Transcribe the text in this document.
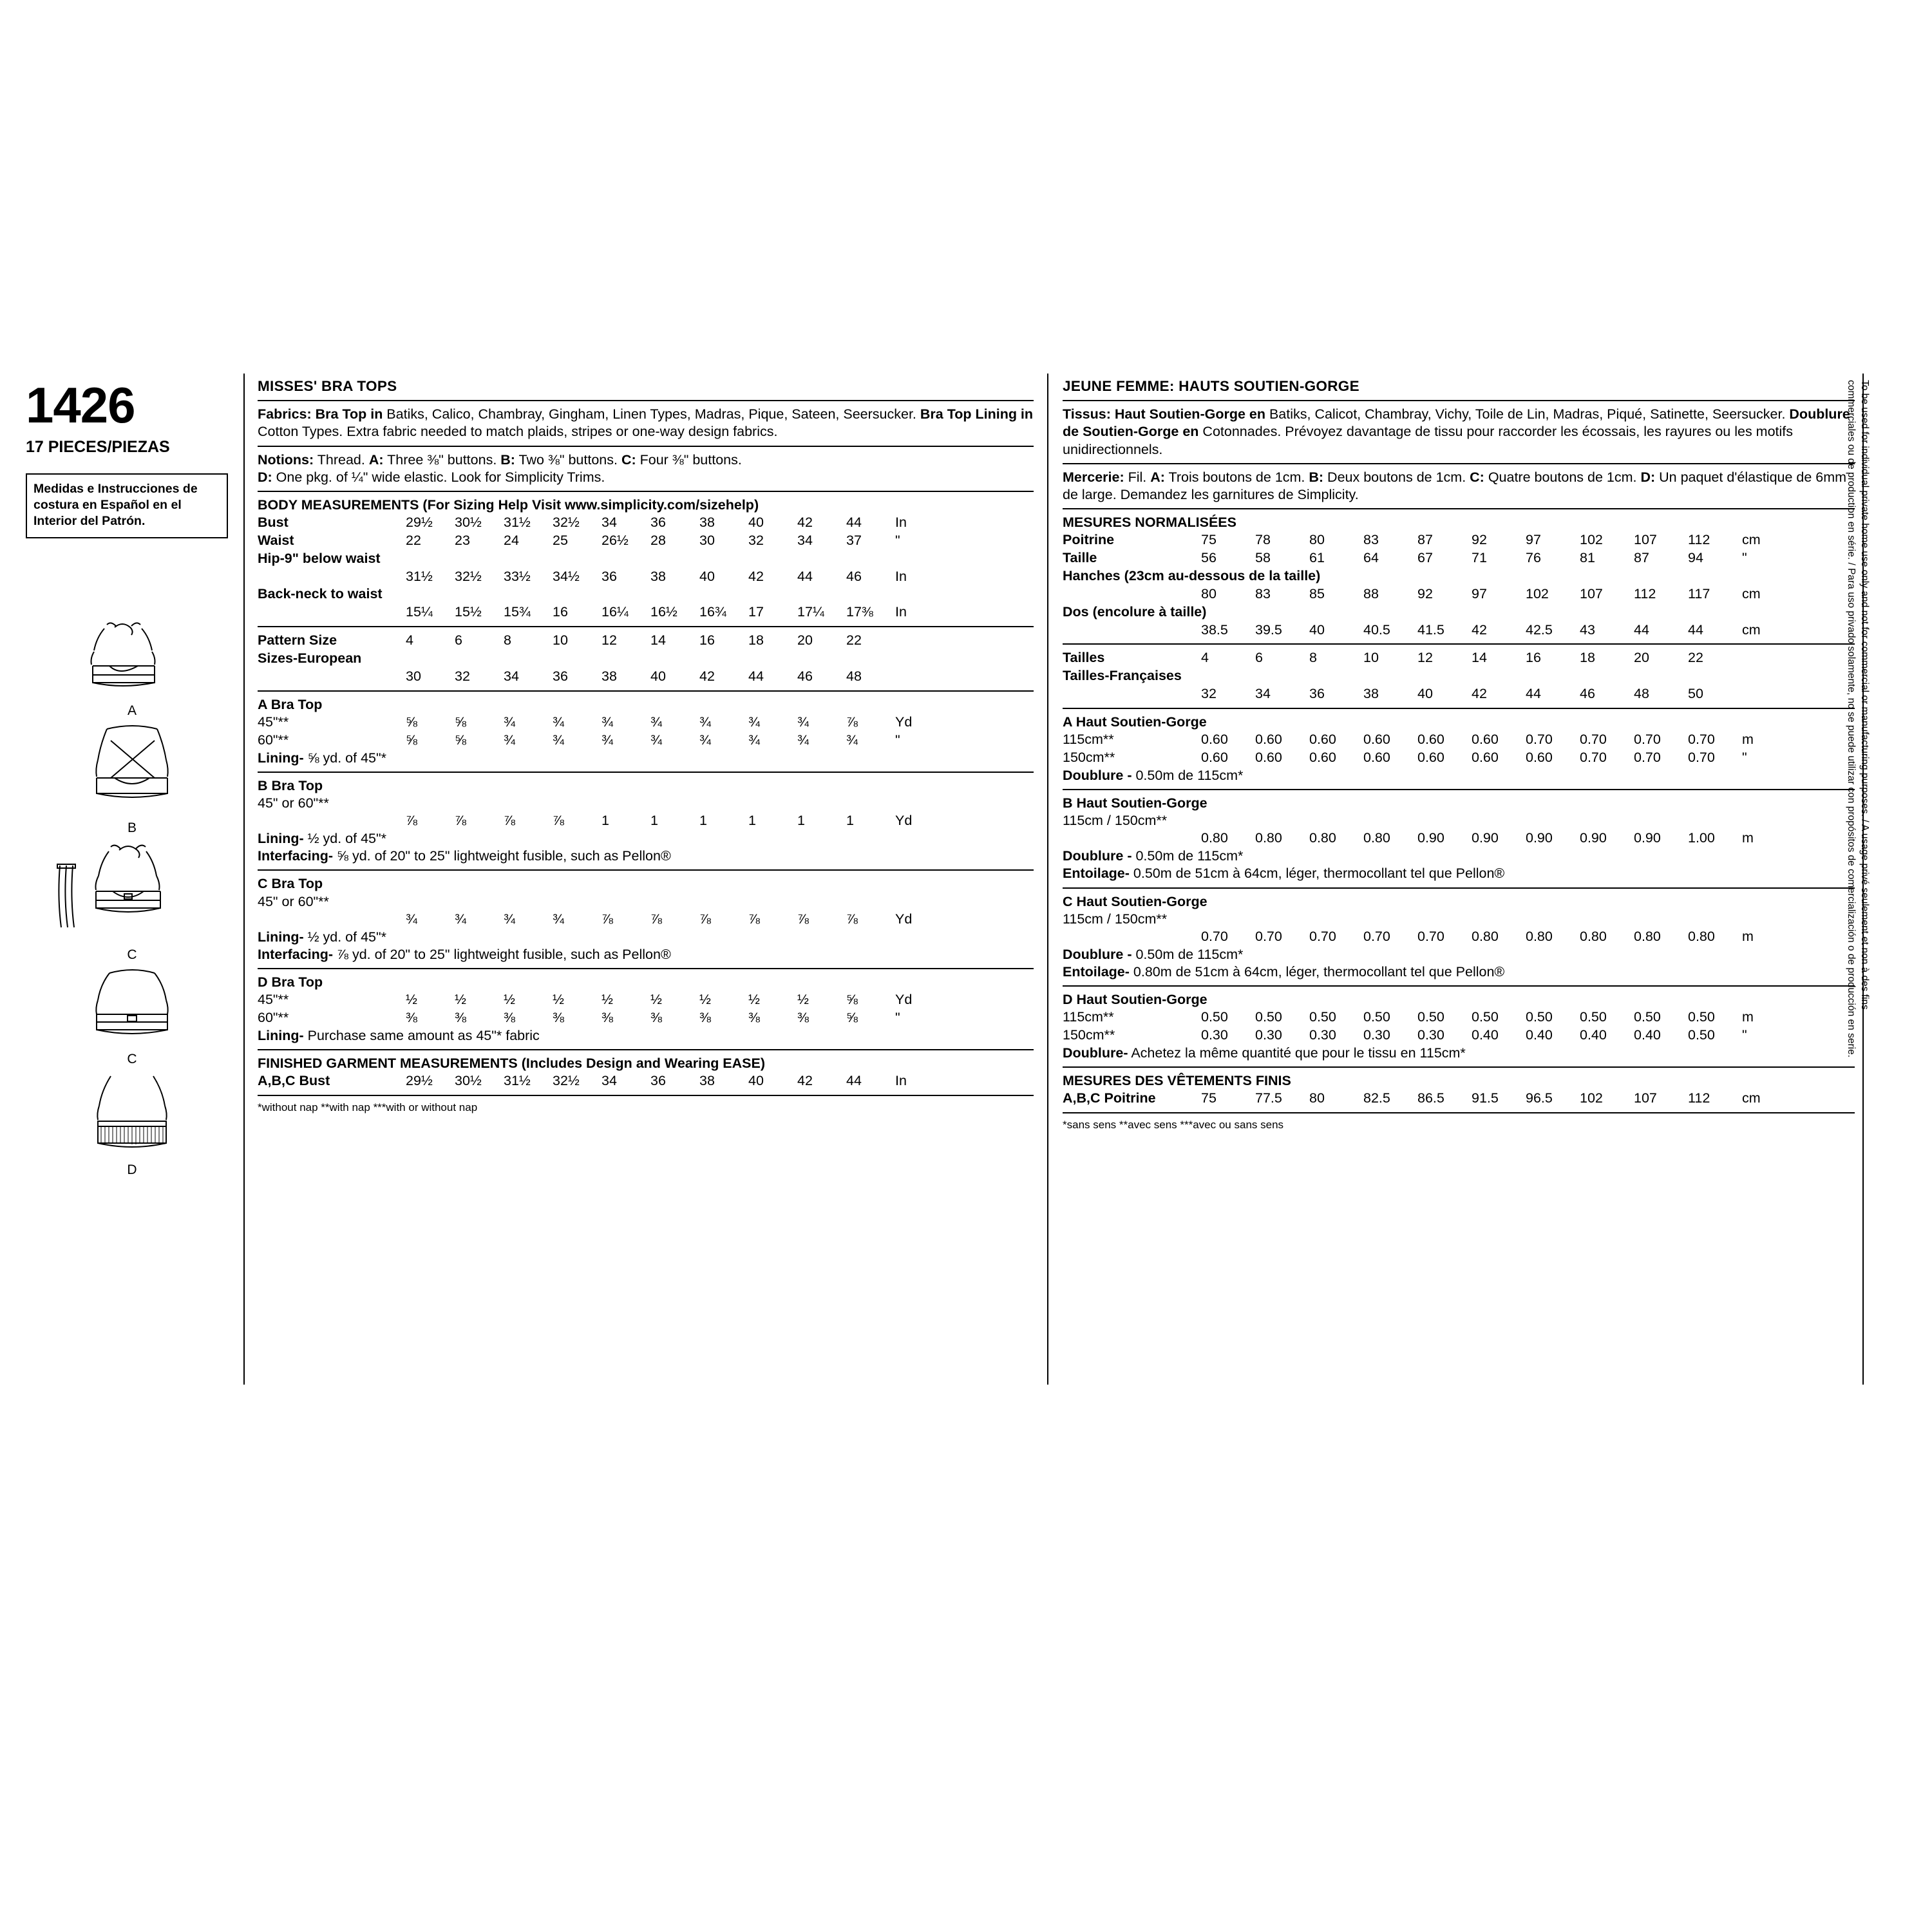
1426
17 PIECES/PIEZAS

Medidas e Instrucciones de costura en Español en el Interior del Patrón.

A
B
C
C
D
MISSES' BRA TOPS

Fabrics: Bra Top in Batiks, Calico, Chambray, Gingham, Linen Types, Madras, Pique, Sateen, Seersucker. Bra Top Lining in Cotton Types. Extra fabric needed to match plaids, stripes or one-way design fabrics.

Notions: Thread. A: Three ⅜" buttons. B: Two ⅜" buttons. C: Four ⅜" buttons.
D: One pkg. of ¼" wide elastic. Look for Simplicity Trims.

BODY MEASUREMENTS (For Sizing Help Visit www.simplicity.com/sizehelp)
Bust	29½	30½	31½	32½	34	36	38	40	42	44	In
Waist	22	23	24	25	26½	28	30	32	34	37	"
Hip-9" below waist											
	31½	32½	33½	34½	36	38	40	42	44	46	In
Back-neck to waist											
	15¼	15½	15¾	16	16¼	16½	16¾	17	17¼	17⅜	In
Pattern Size	4	6	8	10	12	14	16	18	20	22	
Sizes-European											
	30	32	34	36	38	40	42	44	46	48	
A Bra Top
45"**	⅝	⅝	¾	¾	¾	¾	¾	¾	¾	⅞	Yd
60"**	⅝	⅝	¾	¾	¾	¾	¾	¾	¾	¾	"

Lining- ⅝ yd. of 45"*

B Bra Top
45" or 60"**
	⅞	⅞	⅞	⅞	1	1	1	1	1	1	Yd

Lining- ½ yd. of 45"*

Interfacing- ⅝ yd. of 20" to 25" lightweight fusible, such as Pellon®

C Bra Top
45" or 60"**
	¾	¾	¾	¾	⅞	⅞	⅞	⅞	⅞	⅞	Yd

Lining- ½ yd. of 45"*

Interfacing- ⅞ yd. of 20" to 25" lightweight fusible, such as Pellon®

D Bra Top
45"**	½	½	½	½	½	½	½	½	½	⅝	Yd
60"**	⅜	⅜	⅜	⅜	⅜	⅜	⅜	⅜	⅜	⅝	"

Lining- Purchase same amount as 45"* fabric

FINISHED GARMENT MEASUREMENTS (Includes Design and Wearing EASE)
A,B,C Bust	29½	30½	31½	32½	34	36	38	40	42	44	In
*without nap **with nap ***with or without nap
JEUNE FEMME: HAUTS SOUTIEN-GORGE

Tissus: Haut Soutien-Gorge en Batiks, Calicot, Chambray, Vichy, Toile de Lin, Madras, Piqué, Satinette, Seersucker. Doublure de Soutien-Gorge en Cotonnades. Prévoyez davantage de tissu pour raccorder les écossais, les rayures ou les motifs unidirectionnels.

Mercerie: Fil. A: Trois boutons de 1cm. B: Deux boutons de 1cm. C: Quatre boutons de 1cm. D: Un paquet d'élastique de 6mm de large. Demandez les garnitures de Simplicity.

MESURES NORMALISÉES
Poitrine	75	78	80	83	87	92	97	102	107	112	cm
Taille	56	58	61	64	67	71	76	81	87	94	"
Hanches (23cm au-dessous de la taille)											
	80	83	85	88	92	97	102	107	112	117	cm
Dos (encolure à taille)											
	38.5	39.5	40	40.5	41.5	42	42.5	43	44	44	cm
Tailles	4	6	8	10	12	14	16	18	20	22	
Tailles-Françaises											
	32	34	36	38	40	42	44	46	48	50	
A Haut Soutien-Gorge
115cm**	0.60	0.60	0.60	0.60	0.60	0.60	0.70	0.70	0.70	0.70	m
150cm**	0.60	0.60	0.60	0.60	0.60	0.60	0.60	0.70	0.70	0.70	"

Doublure - 0.50m de 115cm*

B Haut Soutien-Gorge
115cm / 150cm**
	0.80	0.80	0.80	0.80	0.90	0.90	0.90	0.90	0.90	1.00	m

Doublure - 0.50m de 115cm*

Entoilage- 0.50m de 51cm à 64cm, léger, thermocollant tel que Pellon®

C Haut Soutien-Gorge
115cm / 150cm**
	0.70	0.70	0.70	0.70	0.70	0.80	0.80	0.80	0.80	0.80	m

Doublure - 0.50m de 115cm*

Entoilage- 0.80m de 51cm à 64cm, léger, thermocollant tel que Pellon®

D Haut Soutien-Gorge
115cm**	0.50	0.50	0.50	0.50	0.50	0.50	0.50	0.50	0.50	0.50	m
150cm**	0.30	0.30	0.30	0.30	0.30	0.40	0.40	0.40	0.40	0.50	"

Doublure- Achetez la même quantité que pour le tissu en 115cm*

MESURES DES VÊTEMENTS FINIS
A,B,C Poitrine	75	77.5	80	82.5	86.5	91.5	96.5	102	107	112	cm
*sans sens **avec sens ***avec ou sans sens
To be used for individual private home use only and not for commercial or manufacturing purposes. / A usage privé seulement et non à des fins
commerciales ou de production en série. / Para uso privado solamente, no se puede utilizar con propósitos de comercialización o de producción en serie.
